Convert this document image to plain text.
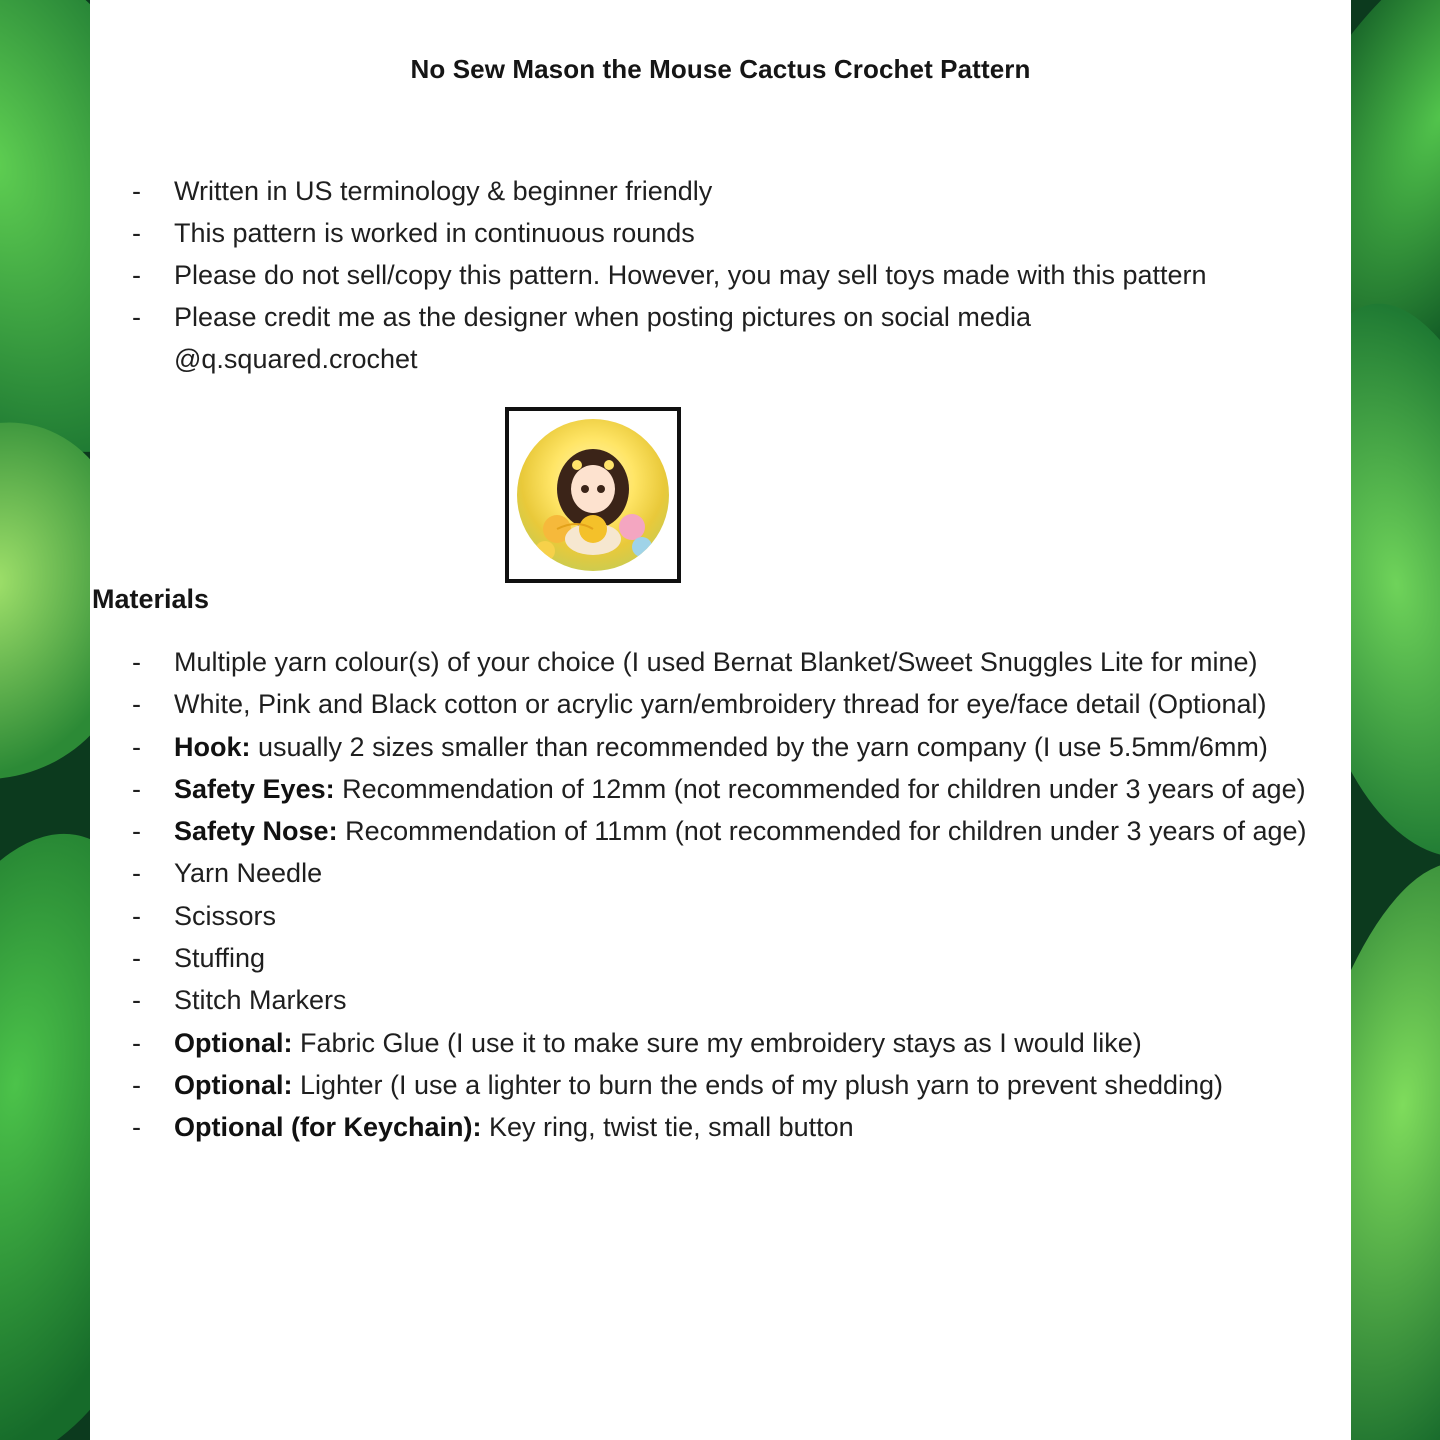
No Sew Mason the Mouse Cactus Crochet Pattern
- Written in US terminology & beginner friendly
- This pattern is worked in continuous rounds
- Please do not sell/copy this pattern. However, you may sell toys made with this pattern
- Please credit me as the designer when posting pictures on social media @q.squared.crochet
Materials
- Multiple yarn colour(s) of your choice (I used Bernat Blanket/Sweet Snuggles Lite for mine)
- White, Pink and Black cotton or acrylic yarn/embroidery thread for eye/face detail (Optional)
- Hook: usually 2 sizes smaller than recommended by the yarn company (I use 5.5mm/6mm)
- Safety Eyes: Recommendation of 12mm (not recommended for children under 3 years of age)
- Safety Nose: Recommendation of 11mm (not recommended for children under 3 years of age)
- Yarn Needle
- Scissors
- Stuffing
- Stitch Markers
- Optional: Fabric Glue (I use it to make sure my embroidery stays as I would like)
- Optional: Lighter (I use a lighter to burn the ends of my plush yarn to prevent shedding)
- Optional (for Keychain): Key ring, twist tie, small button
